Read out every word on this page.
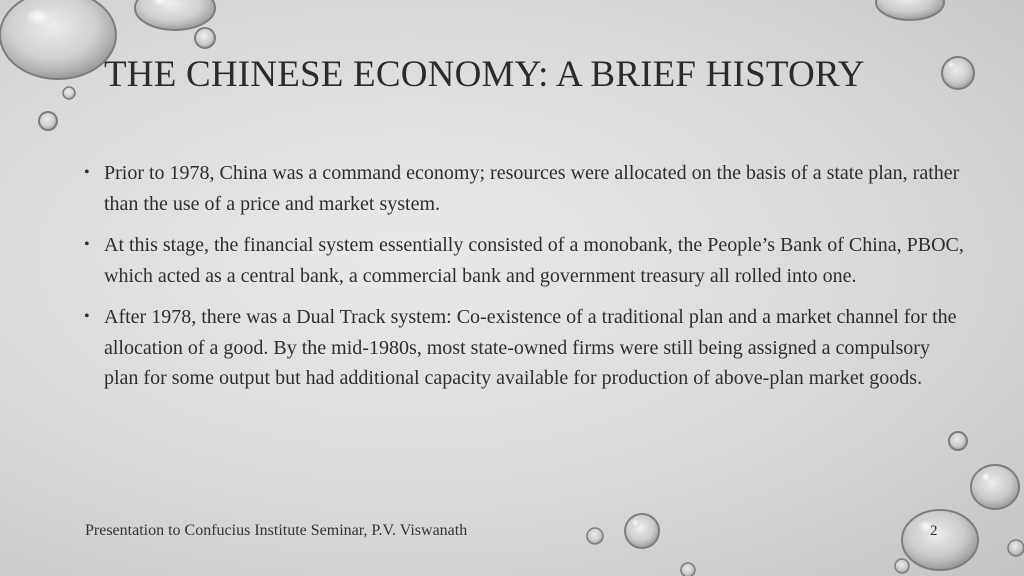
THE CHINESE ECONOMY: A BRIEF HISTORY
• Prior to 1978, China was a command economy; resources were allocated on the basis of a state plan, rather than the use of a price and market system.
• At this stage, the financial system essentially consisted of a monobank, the People’s Bank of China, PBOC, which acted as a central bank, a commercial bank and government treasury all rolled into one.
• After 1978, there was a Dual Track system: Co-existence of a traditional plan and a market channel for the allocation of a good. By the mid-1980s, most state-owned firms were still being assigned a compulsory plan for some output but had additional capacity available for production of above-plan market goods.
Presentation to Confucius Institute Seminar, P.V. Viswanath	2
